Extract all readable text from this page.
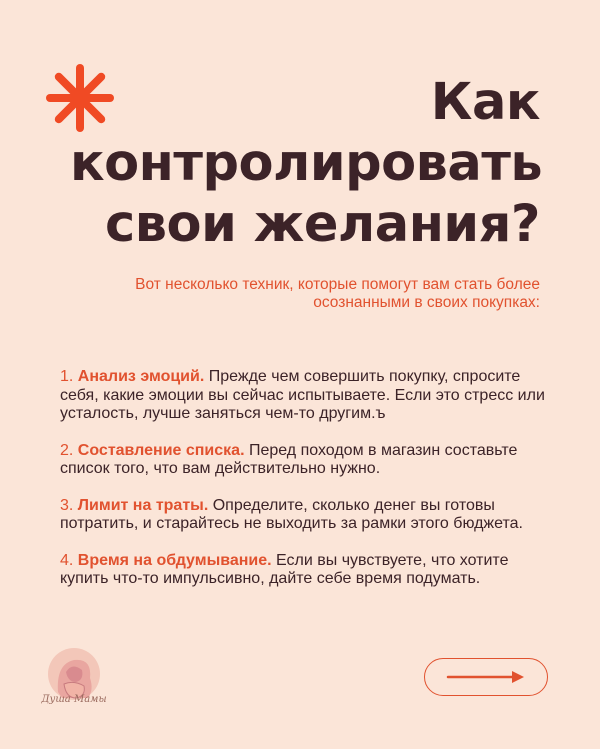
Как
контролировать
свои желания?

Вот несколько техник, которые помогут вам стать более
осознанными в своих покупках:

1. Анализ эмоций. Прежде чем совершить покупку, спросите себя, какие эмоции вы сейчас испытываете. Если это стресс или усталость, лучше заняться чем-то другим.ъ
2. Составление списка. Перед походом в магазин составьте список того, что вам действительно нужно.
3. Лимит на траты. Определите, сколько денег вы готовы потратить, и старайтесь не выходить за рамки этого бюджета.
4. Время на обдумывание. Если вы чувствуете, что хотите купить что-то импульсивно, дайте себе время подумать.
Душа Мамы
